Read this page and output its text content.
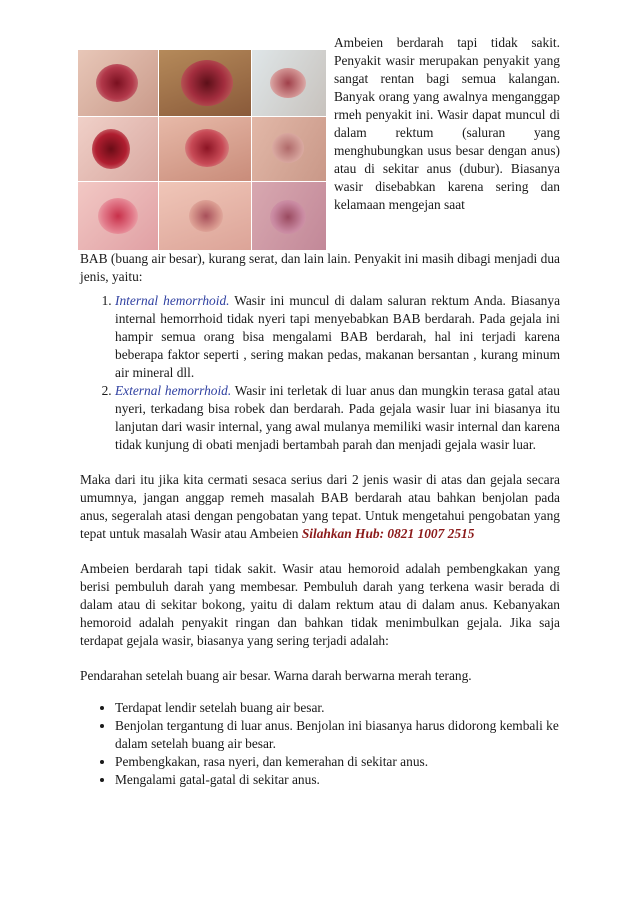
Ambeien berdarah tapi tidak sakit. Penyakit wasir merupakan penyakit yang sangat rentan bagi semua kalangan. Banyak orang yang awalnya menganggap rmeh penyakit ini. Wasir dapat muncul di dalam rektum (saluran yang menghubungkan usus besar dengan anus) atau di sekitar anus (dubur). Biasanya wasir disebabkan karena sering dan kelamaan mengejan saat

BAB (buang air besar), kurang serat, dan lain lain. Penyakit ini masih dibagi menjadi dua jenis, yaitu:

1. Internal hemorrhoid. Wasir ini muncul di dalam saluran rektum Anda. Biasanya internal hemorrhoid tidak nyeri tapi menyebabkan BAB berdarah. Pada gejala ini hampir semua orang bisa mengalami BAB berdarah, hal ini terjadi karena beberapa faktor seperti , sering makan pedas, makanan bersantan , kurang minum air mineral dll.
2. External hemorrhoid. Wasir ini terletak di luar anus dan mungkin terasa gatal atau nyeri, terkadang bisa robek dan berdarah. Pada gejala wasir luar ini biasanya itu lanjutan dari wasir internal, yang awal mulanya memiliki wasir internal dan karena tidak kunjung di obati menjadi bertambah parah dan menjadi gejala wasir luar.

Maka dari itu jika kita cermati sesaca serius dari 2 jenis wasir di atas dan gejala secara umumnya, jangan anggap remeh masalah BAB berdarah atau bahkan benjolan pada anus, segeralah atasi dengan pengobatan yang tepat. Untuk mengetahui pengobatan yang tepat untuk masalah Wasir atau Ambeien Silahkan Hub: 0821 1007 2515

Ambeien berdarah tapi tidak sakit. Wasir atau hemoroid adalah pembengkakan yang berisi pembuluh darah yang membesar. Pembuluh darah yang terkena wasir berada di dalam atau di sekitar bokong, yaitu di dalam rektum atau di dalam anus. Kebanyakan hemoroid adalah penyakit ringan dan bahkan tidak menimbulkan gejala. Jika saja terdapat gejala wasir, biasanya yang sering terjadi adalah:

Pendarahan setelah buang air besar. Warna darah berwarna merah terang.

• Terdapat lendir setelah buang air besar.
• Benjolan tergantung di luar anus. Benjolan ini biasanya harus didorong kembali ke dalam setelah buang air besar.
• Pembengkakan, rasa nyeri, dan kemerahan di sekitar anus.
• Mengalami gatal-gatal di sekitar anus.
